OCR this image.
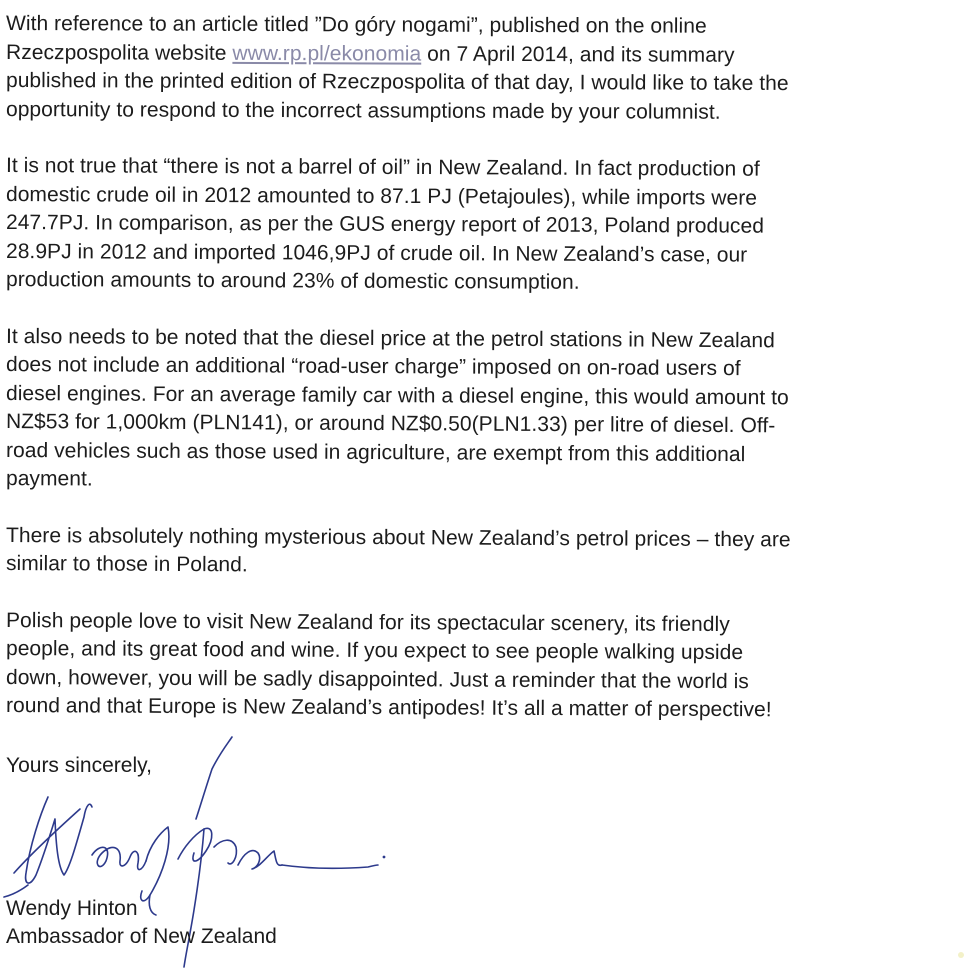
With reference to an article titled ”Do góry nogami”, published on the online
Rzeczpospolita website www.rp.pl/ekonomia on 7 April 2014, and its summary
published in the printed edition of Rzeczpospolita of that day, I would like to take the
opportunity to respond to the incorrect assumptions made by your columnist.
It is not true that “there is not a barrel of oil” in New Zealand. In fact production of
domestic crude oil in 2012 amounted to 87.1 PJ (Petajoules), while imports were
247.7PJ. In comparison, as per the GUS energy report of 2013, Poland produced
28.9PJ in 2012 and imported 1046,9PJ of crude oil. In New Zealand’s case, our
production amounts to around 23% of domestic consumption.
It also needs to be noted that the diesel price at the petrol stations in New Zealand
does not include an additional “road-user charge” imposed on on-road users of
diesel engines. For an average family car with a diesel engine, this would amount to
NZ$53 for 1,000km (PLN141), or around NZ$0.50(PLN1.33) per litre of diesel. Off-
road vehicles such as those used in agriculture, are exempt from this additional
payment.
There is absolutely nothing mysterious about New Zealand’s petrol prices – they are
similar to those in Poland.
Polish people love to visit New Zealand for its spectacular scenery, its friendly
people, and its great food and wine. If you expect to see people walking upside
down, however, you will be sadly disappointed. Just a reminder that the world is
round and that Europe is New Zealand’s antipodes! It’s all a matter of perspective!
Yours sincerely,
Wendy Hinton
Ambassador of New Zealand
